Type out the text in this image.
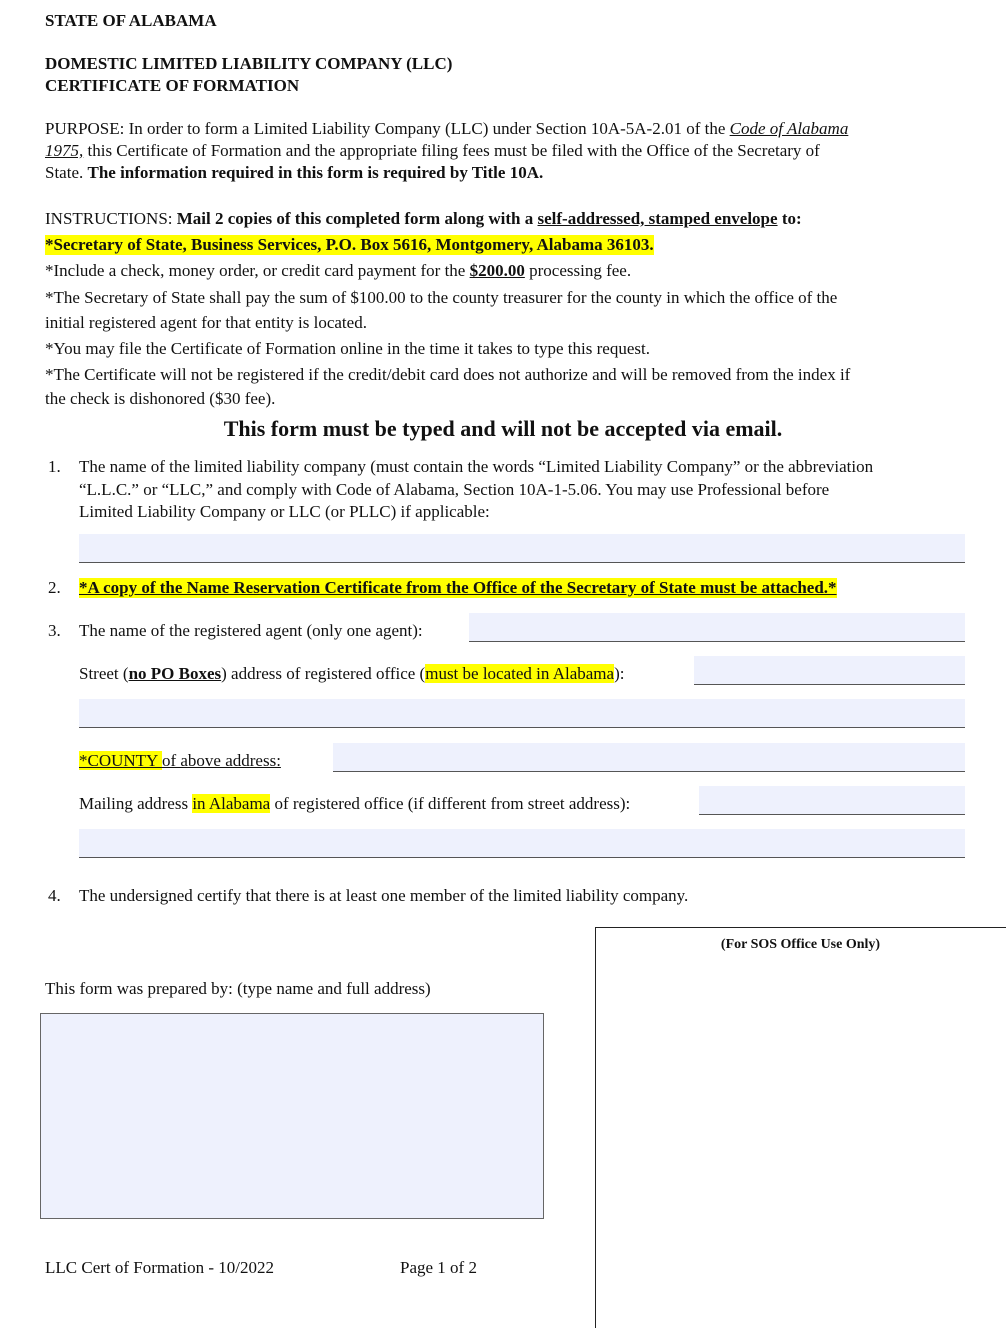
STATE OF ALABAMA
DOMESTIC LIMITED LIABILITY COMPANY (LLC)
CERTIFICATE OF FORMATION
PURPOSE: In order to form a Limited Liability Company (LLC) under Section 10A-5A-2.01 of the Code of Alabama
1975, this Certificate of Formation and the appropriate filing fees must be filed with the Office of the Secretary of
State. The information required in this form is required by Title 10A.
INSTRUCTIONS: Mail 2 copies of this completed form along with a self-addressed, stamped envelope to:
*Secretary of State, Business Services, P.O. Box 5616, Montgomery, Alabama 36103.
*Include a check, money order, or credit card payment for the $200.00 processing fee.
*The Secretary of State shall pay the sum of $100.00 to the county treasurer for the county in which the office of the
initial registered agent for that entity is located.
*You may file the Certificate of Formation online in the time it takes to type this request.
*The Certificate will not be registered if the credit/debit card does not authorize and will be removed from the index if
the check is dishonored ($30 fee).
This form must be typed and will not be accepted via email.
1. The name of the limited liability company (must contain the words “Limited Liability Company” or the abbreviation
“L.L.C.” or “LLC,” and comply with Code of Alabama, Section 10A-1-5.06. You may use Professional before
Limited Liability Company or LLC (or PLLC) if applicable:
2. *A copy of the Name Reservation Certificate from the Office of the Secretary of State must be attached.*
3. The name of the registered agent (only one agent):
Street (no PO Boxes) address of registered office (must be located in Alabama):
*COUNTY of above address:
Mailing address in Alabama of registered office (if different from street address):
4. The undersigned certify that there is at least one member of the limited liability company.
(For SOS Office Use Only)
This form was prepared by: (type name and full address)
LLC Cert of Formation - 10/2022	Page 1 of 2
